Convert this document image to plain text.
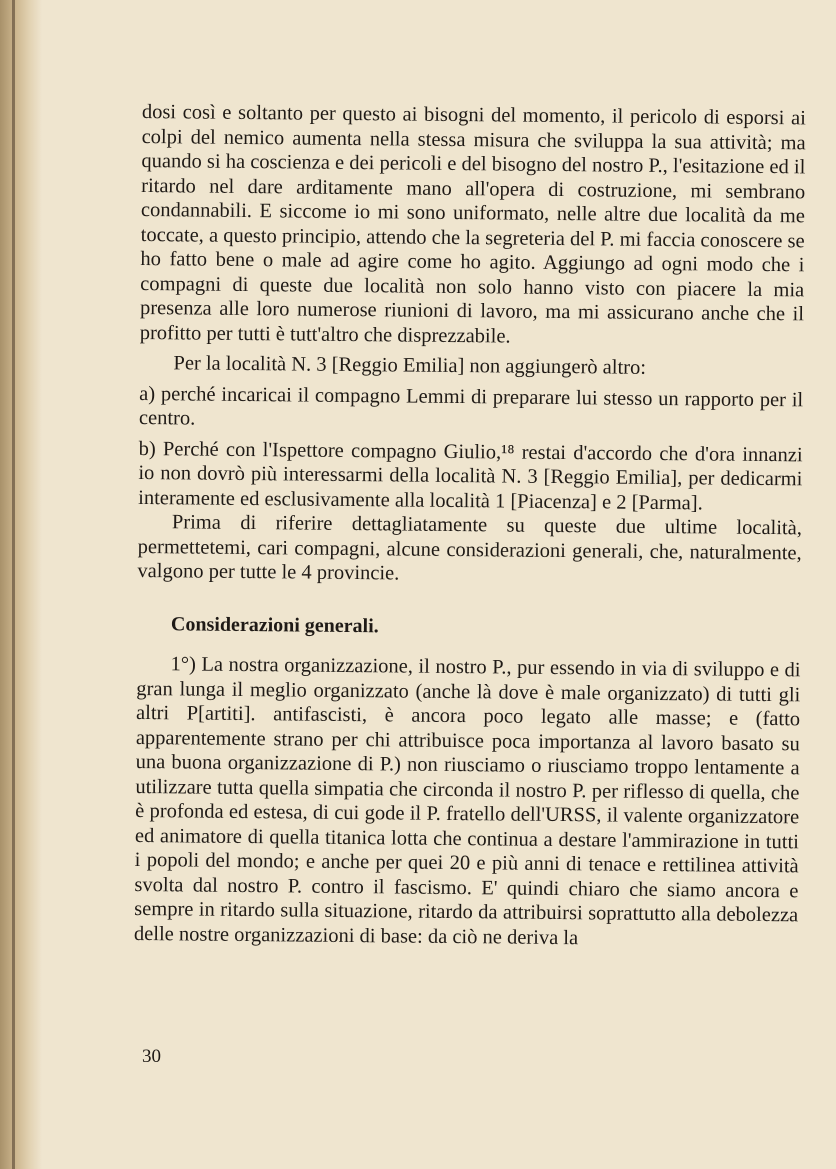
dosi così e soltanto per questo ai bisogni del momento, il pericolo di esporsi ai colpi del nemico aumenta nella stessa misura che sviluppa la sua attività; ma quando si ha coscienza e dei pericoli e del bisogno del nostro P., l'esitazione ed il ritardo nel dare arditamente mano all'opera di costruzione, mi sembrano condannabili. E siccome io mi sono uniformato, nelle altre due località da me toccate, a questo principio, attendo che la segreteria del P. mi faccia conoscere se ho fatto bene o male ad agire come ho agito. Aggiungo ad ogni modo che i compagni di queste due località non solo hanno visto con piacere la mia presenza alle loro numerose riunioni di lavoro, ma mi assicurano anche che il profitto per tutti è tutt'altro che disprezzabile.

Per la località N. 3 [Reggio Emilia] non aggiungerò altro:

a) perché incaricai il compagno Lemmi di preparare lui stesso un rapporto per il centro.

b) Perché con l'Ispettore compagno Giulio,¹⁸ restai d'accordo che d'ora innanzi io non dovrò più interessarmi della località N. 3 [Reggio Emilia], per dedicarmi interamente ed esclusivamente alla località 1 [Piacenza] e 2 [Parma].

Prima di riferire dettagliatamente su queste due ultime località, permettetemi, cari compagni, alcune considerazioni generali, che, naturalmente, valgono per tutte le 4 provincie.

Considerazioni generali.

1°) La nostra organizzazione, il nostro P., pur essendo in via di sviluppo e di gran lunga il meglio organizzato (anche là dove è male organizzato) di tutti gli altri P[artiti]. antifascisti, è ancora poco legato alle masse; e (fatto apparentemente strano per chi attribuisce poca importanza al lavoro basato su una buona organizzazione di P.) non riusciamo o riusciamo troppo lentamente a utilizzare tutta quella simpatia che circonda il nostro P. per riflesso di quella, che è profonda ed estesa, di cui gode il P. fratello dell'URSS, il valente organizzatore ed animatore di quella titanica lotta che continua a destare l'ammirazione in tutti i popoli del mondo; e anche per quei 20 e più anni di tenace e rettilinea attività svolta dal nostro P. contro il fascismo. E' quindi chiaro che siamo ancora e sempre in ritardo sulla situazione, ritardo da attribuirsi soprattutto alla debolezza delle nostre organizzazioni di base: da ciò ne deriva la

30
